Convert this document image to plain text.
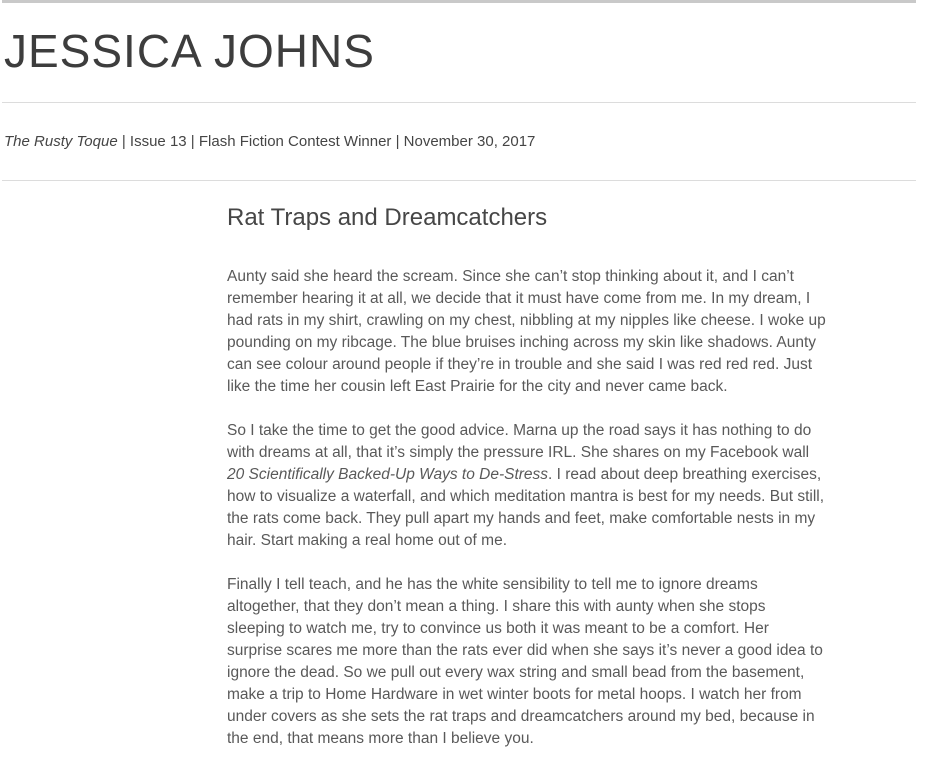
JESSICA JOHNS
The Rusty Toque | Issue 13 | Flash Fiction Contest Winner | November 30, 2017
Rat Traps and Dreamcatchers

Aunty said she heard the scream. Since she can’t stop thinking about it, and I can’t remember hearing it at all, we decide that it must have come from me. In my dream, I had rats in my shirt, crawling on my chest, nibbling at my nipples like cheese. I woke up pounding on my ribcage. The blue bruises inching across my skin like shadows. Aunty can see colour around people if they’re in trouble and she said I was red red red. Just like the time her cousin left East Prairie for the city and never came back.

So I take the time to get the good advice. Marna up the road says it has nothing to do with dreams at all, that it’s simply the pressure IRL. She shares on my Facebook wall 20 Scientifically Backed-Up Ways to De-Stress. I read about deep breathing exercises, how to visualize a waterfall, and which meditation mantra is best for my needs. But still, the rats come back. They pull apart my hands and feet, make comfortable nests in my hair. Start making a real home out of me.

Finally I tell teach, and he has the white sensibility to tell me to ignore dreams altogether, that they don’t mean a thing. I share this with aunty when she stops sleeping to watch me, try to convince us both it was meant to be a comfort. Her surprise scares me more than the rats ever did when she says it’s never a good idea to ignore the dead. So we pull out every wax string and small bead from the basement, make a trip to Home Hardware in wet winter boots for metal hoops. I watch her from under covers as she sets the rat traps and dreamcatchers around my bed, because in the end, that means more than I believe you.
